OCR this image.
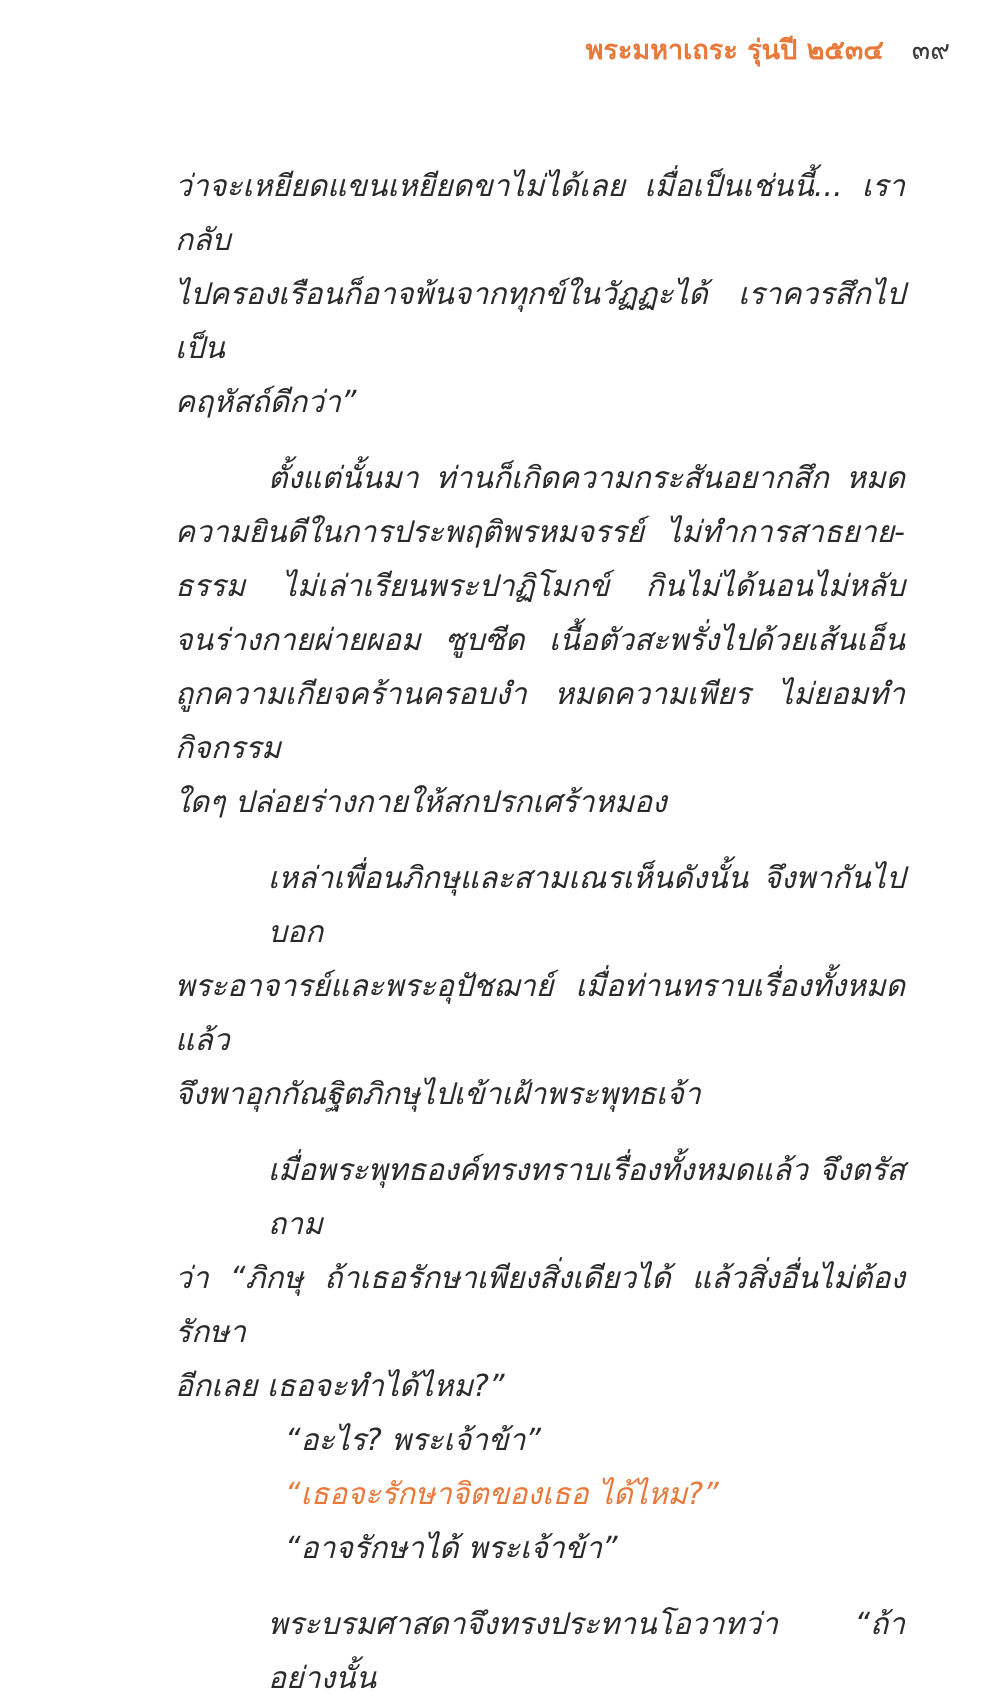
พระมหาเถระ รุ่นปี ๒๕๓๔ ๓๙
ว่าจะเหยียดแขนเหยียดขาไม่ได้เลย เมื่อเป็นเช่นนี้... เรากลับ
ไปครองเรือนก็อาจพ้นจากทุกข์ในวัฏฏะได้ เราควรสึกไปเป็น
คฤหัสถ์ดีกว่า”
ตั้งแต่นั้นมา ท่านก็เกิดความกระสันอยากสึก หมด
ความยินดีในการประพฤติพรหมจรรย์ ไม่ทำการสาธยาย-
ธรรม ไม่เล่าเรียนพระปาฏิโมกข์ กินไม่ได้นอนไม่หลับ
จนร่างกายผ่ายผอม ซูบซีด เนื้อตัวสะพรั่งไปด้วยเส้นเอ็น
ถูกความเกียจคร้านครอบงำ หมดความเพียร ไม่ยอมทำกิจกรรม
ใดๆ ปล่อยร่างกายให้สกปรกเศร้าหมอง
เหล่าเพื่อนภิกษุและสามเณรเห็นดังนั้น จึงพากันไปบอก
พระอาจารย์และพระอุปัชฌาย์ เมื่อท่านทราบเรื่องทั้งหมดแล้ว
จึงพาอุกกัณฐิตภิกษุไปเข้าเฝ้าพระพุทธเจ้า
เมื่อพระพุทธองค์ทรงทราบเรื่องทั้งหมดแล้ว จึงตรัสถาม
ว่า “ภิกษุ ถ้าเธอรักษาเพียงสิ่งเดียวได้ แล้วสิ่งอื่นไม่ต้องรักษา
อีกเลย เธอจะทำได้ไหม?”
“อะไร? พระเจ้าข้า”
“เธอจะรักษาจิตของเธอ ได้ไหม?”
“อาจรักษาได้ พระเจ้าข้า”
พระบรมศาสดาจึงทรงประทานโอวาทว่า “ถ้าอย่างนั้น
